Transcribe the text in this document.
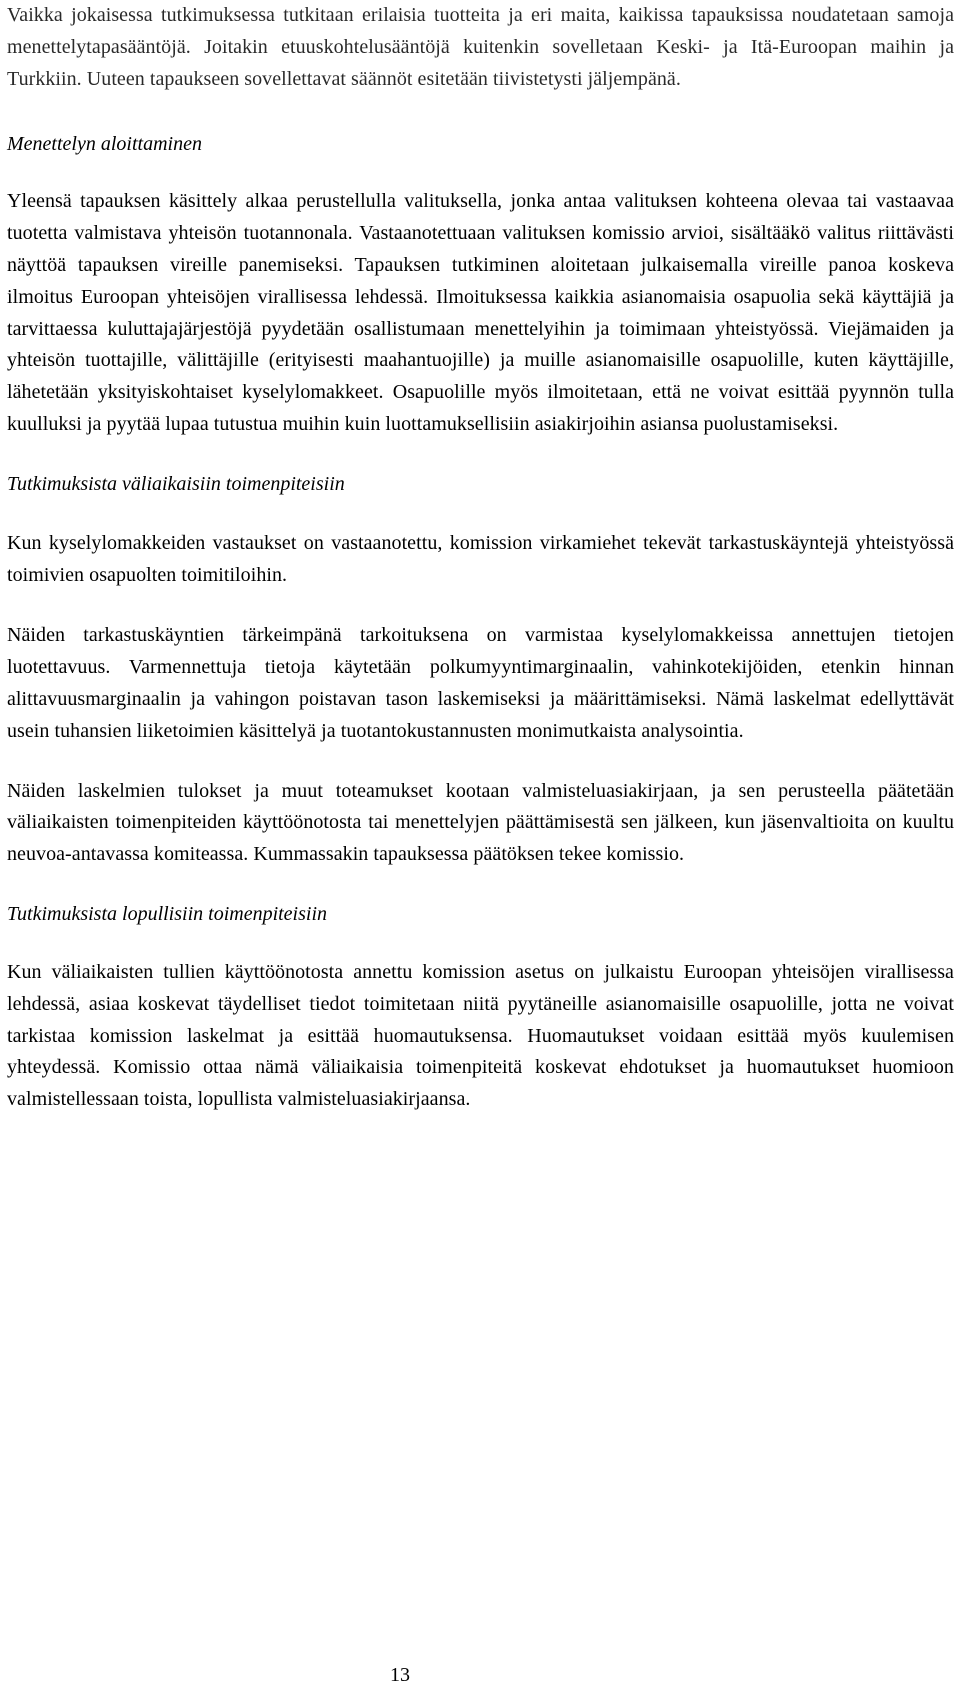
Vaikka jokaisessa tutkimuksessa tutkitaan erilaisia tuotteita ja eri maita, kaikissa tapauksissa noudatetaan samoja menettelytapasääntöjä. Joitakin etuuskohtelusääntöjä kuitenkin sovelletaan Keski- ja Itä-Euroopan maihin ja Turkkiin. Uuteen tapaukseen sovellettavat säännöt esitetään tiivistetysti jäljempänä.

Menettelyn aloittaminen

Yleensä tapauksen käsittely alkaa perustellulla valituksella, jonka antaa valituksen kohteena olevaa tai vastaavaa tuotetta valmistava yhteisön tuotannonala. Vastaanotettuaan valituksen komissio arvioi, sisältääkö valitus riittävästi näyttöä tapauksen vireille panemiseksi. Tapauksen tutkiminen aloitetaan julkaisemalla vireille panoa koskeva ilmoitus Euroopan yhteisöjen virallisessa lehdessä. Ilmoituksessa kaikkia asianomaisia osapuolia sekä käyttäjiä ja tarvittaessa kuluttajajärjestöjä pyydetään osallistumaan menettelyihin ja toimimaan yhteistyössä. Viejämaiden ja yhteisön tuottajille, välittäjille (erityisesti maahantuojille) ja muille asianomaisille osapuolille, kuten käyttäjille, lähetetään yksityiskohtaiset kyselylomakkeet. Osapuolille myös ilmoitetaan, että ne voivat esittää pyynnön tulla kuulluksi ja pyytää lupaa tutustua muihin kuin luottamuksellisiin asiakirjoihin asiansa puolustamiseksi.

Tutkimuksista väliaikaisiin toimenpiteisiin

Kun kyselylomakkeiden vastaukset on vastaanotettu, komission virkamiehet tekevät tarkastuskäyntejä yhteistyössä toimivien osapuolten toimitiloihin.

Näiden tarkastuskäyntien tärkeimpänä tarkoituksena on varmistaa kyselylomakkeissa annettujen tietojen luotettavuus. Varmennettuja tietoja käytetään polkumyyntimarginaalin, vahinkotekijöiden, etenkin hinnan alittavuusmarginaalin ja vahingon poistavan tason laskemiseksi ja määrittämiseksi. Nämä laskelmat edellyttävät usein tuhansien liiketoimien käsittelyä ja tuotantokustannusten monimutkaista analysointia.

Näiden laskelmien tulokset ja muut toteamukset kootaan valmisteluasiakirjaan, ja sen perusteella päätetään väliaikaisten toimenpiteiden käyttöönotosta tai menettelyjen päättämisestä sen jälkeen, kun jäsenvaltioita on kuultu neuvoa-antavassa komiteassa. Kummassakin tapauksessa päätöksen tekee komissio.

Tutkimuksista lopullisiin toimenpiteisiin

Kun väliaikaisten tullien käyttöönotosta annettu komission asetus on julkaistu Euroopan yhteisöjen virallisessa lehdessä, asiaa koskevat täydelliset tiedot toimitetaan niitä pyytäneille asianomaisille osapuolille, jotta ne voivat tarkistaa komission laskelmat ja esittää huomautuksensa. Huomautukset voidaan esittää myös kuulemisen yhteydessä. Komissio ottaa nämä väliaikaisia toimenpiteitä koskevat ehdotukset ja huomautukset huomioon valmistellessaan toista, lopullista valmisteluasiakirjaansa.

13
